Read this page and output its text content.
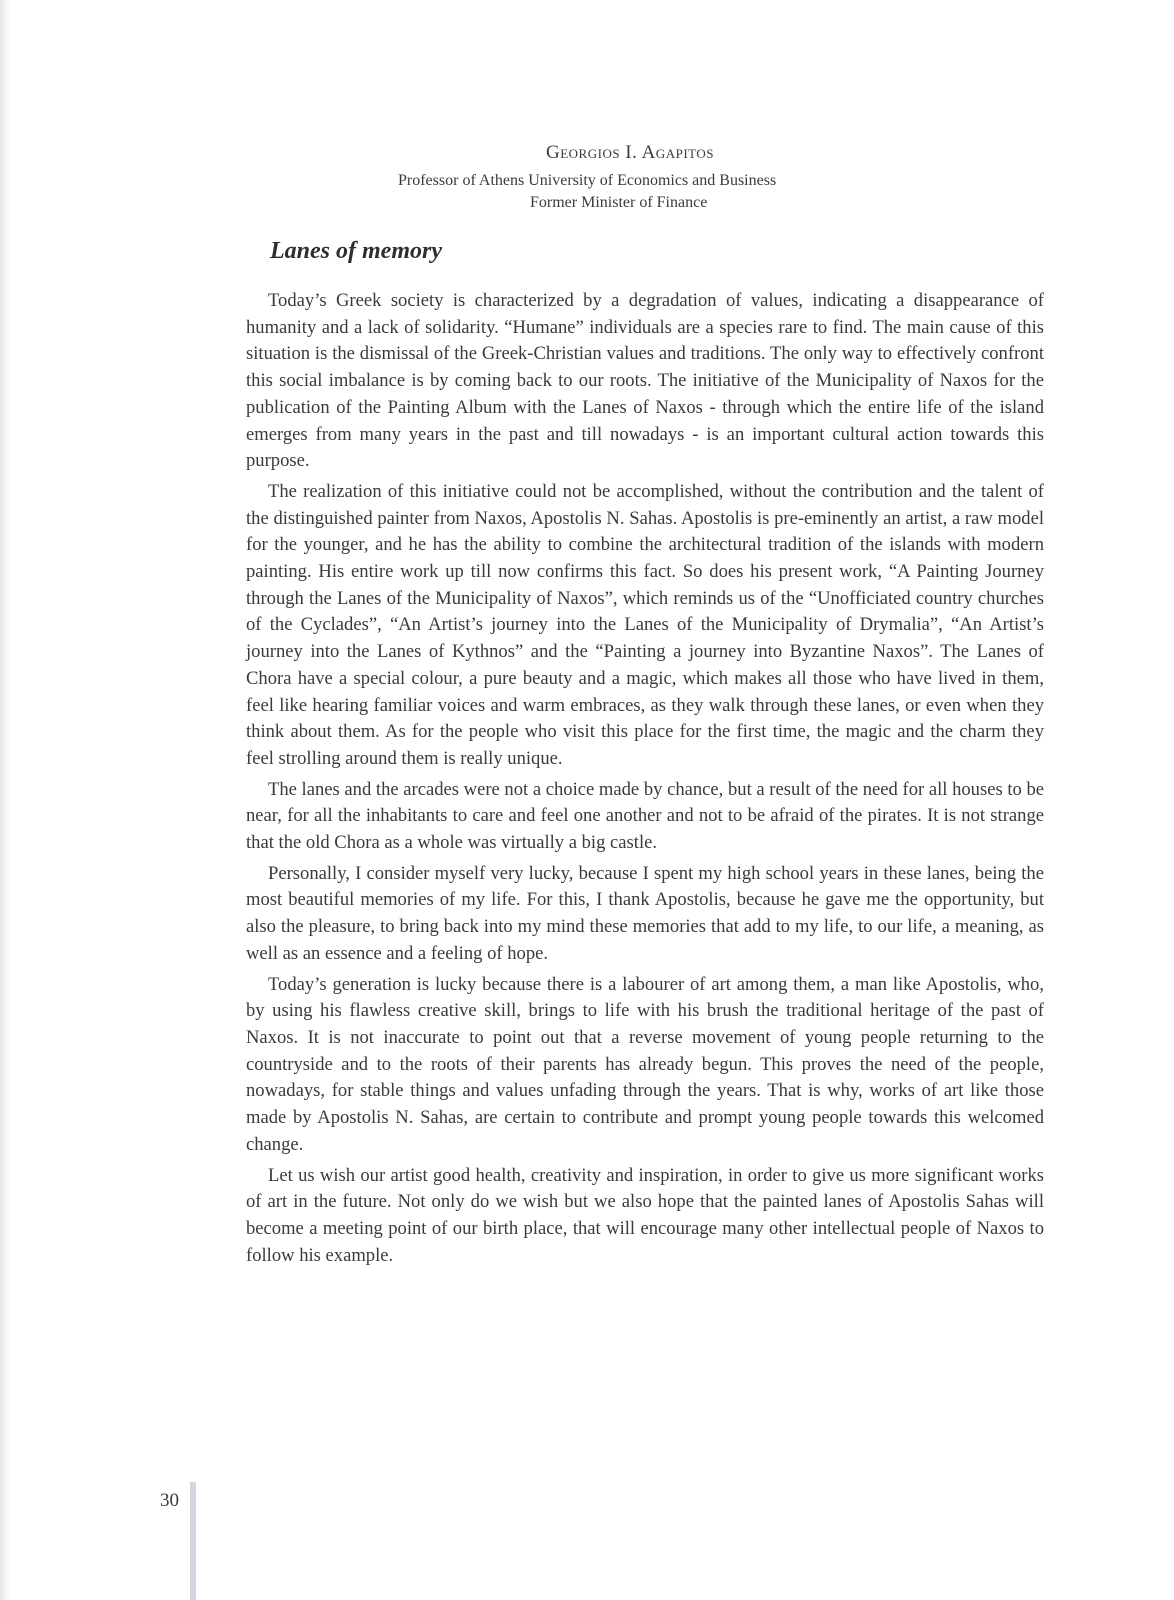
Georgios I. Agapitos
Professor of Athens University of Economics and Business
Former Minister of Finance
Lanes of memory

Today’s Greek society is characterized by a degradation of values, indicating a disappearance of humanity and a lack of solidarity. “Humane” individuals are a species rare to find. The main cause of this situation is the dismissal of the Greek-Christian values and traditions. The only way to effectively confront this social imbalance is by coming back to our roots. The initiative of the Municipality of Naxos for the publication of the Painting Album with the Lanes of Naxos - through which the entire life of the island emerges from many years in the past and till nowadays - is an important cultural action towards this purpose.

The realization of this initiative could not be accomplished, without the contribution and the talent of the distinguished painter from Naxos, Apostolis N. Sahas. Apostolis is pre-eminently an artist, a raw model for the younger, and he has the ability to combine the architectural tradition of the islands with modern painting. His entire work up till now confirms this fact. So does his present work, “A Painting Journey through the Lanes of the Municipality of Naxos”, which reminds us of the “Unofficiated country churches of the Cyclades”, “An Artist’s journey into the Lanes of the Municipality of Drymalia”, “An Artist’s journey into the Lanes of Kythnos” and the “Painting a journey into Byzantine Naxos”. The Lanes of Chora have a special colour, a pure beauty and a magic, which makes all those who have lived in them, feel like hearing familiar voices and warm embraces, as they walk through these lanes, or even when they think about them. As for the people who visit this place for the first time, the magic and the charm they feel strolling around them is really unique.

The lanes and the arcades were not a choice made by chance, but a result of the need for all houses to be near, for all the inhabitants to care and feel one another and not to be afraid of the pirates. It is not strange that the old Chora as a whole was virtually a big castle.

Personally, I consider myself very lucky, because I spent my high school years in these lanes, being the most beautiful memories of my life. For this, I thank Apostolis, because he gave me the opportunity, but also the pleasure, to bring back into my mind these memories that add to my life, to our life, a meaning, as well as an essence and a feeling of hope.

Today’s generation is lucky because there is a labourer of art among them, a man like Apostolis, who, by using his flawless creative skill, brings to life with his brush the traditional heritage of the past of Naxos. It is not inaccurate to point out that a reverse movement of young people returning to the countryside and to the roots of their parents has already begun. This proves the need of the people, nowadays, for stable things and values unfading through the years. That is why, works of art like those made by Apostolis N. Sahas, are certain to contribute and prompt young people towards this welcomed change.

Let us wish our artist good health, creativity and inspiration, in order to give us more significant works of art in the future. Not only do we wish but we also hope that the painted lanes of Apostolis Sahas will become a meeting point of our birth place, that will encourage many other intellectual people of Naxos to follow his example.

30
